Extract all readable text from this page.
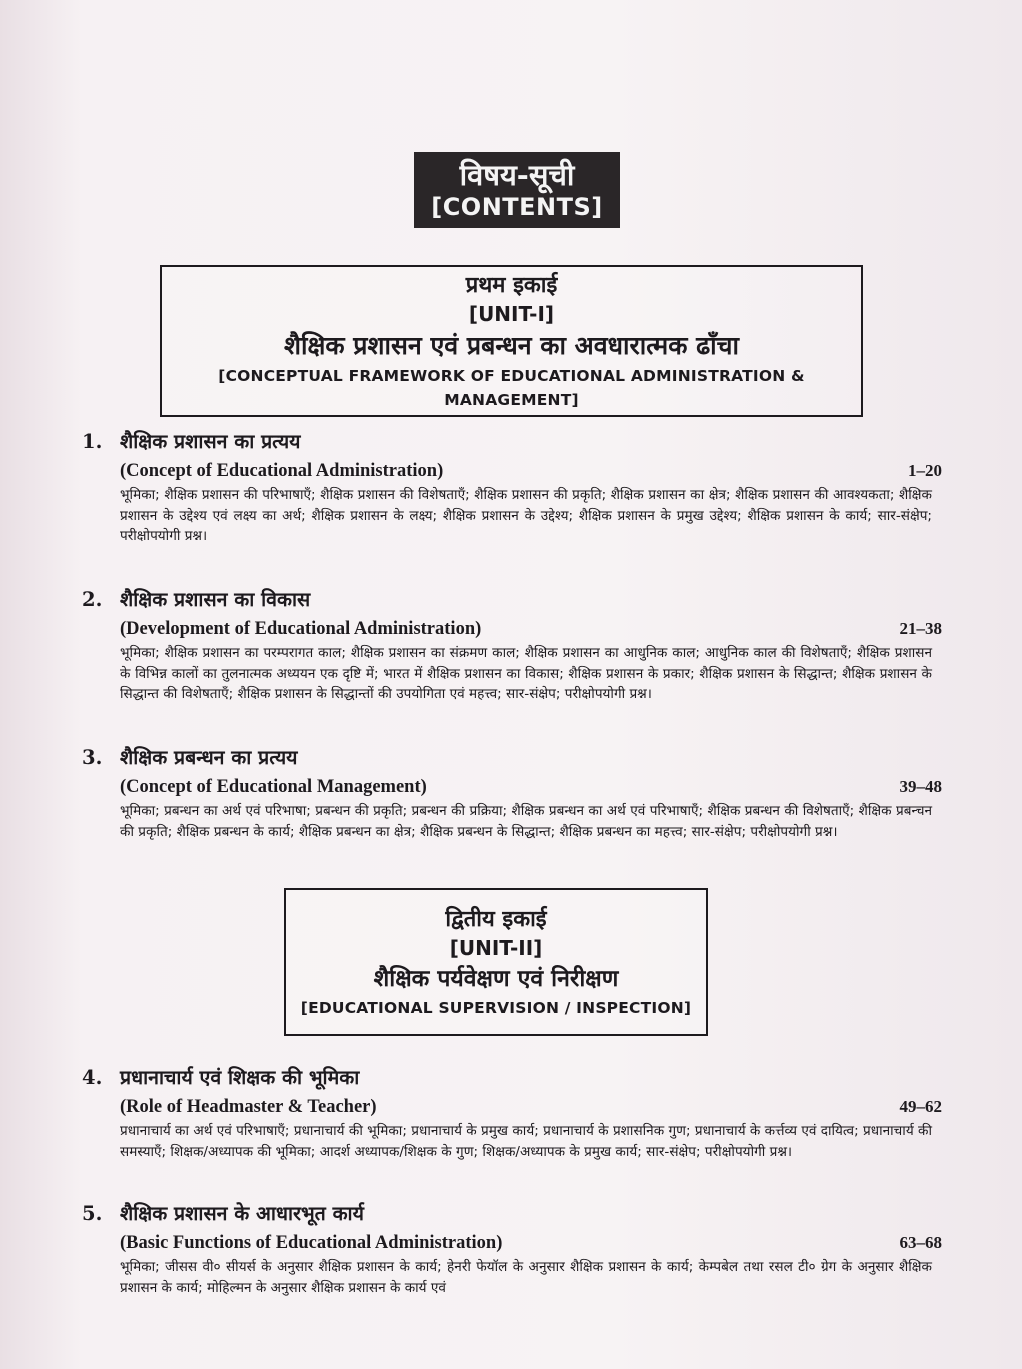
विषय-सूची
[CONTENTS]
प्रथम इकाई
[UNIT-I]
शैक्षिक प्रशासन एवं प्रबन्धन का अवधारात्मक ढाँचा
[CONCEPTUAL FRAMEWORK OF EDUCATIONAL ADMINISTRATION & MANAGEMENT]
1. शैक्षिक प्रशासन का प्रत्यय
(Concept of Educational Administration)	1–20
भूमिका; शैक्षिक प्रशासन की परिभाषाएँ; शैक्षिक प्रशासन की विशेषताएँ; शैक्षिक प्रशासन की प्रकृति; शैक्षिक प्रशासन का क्षेत्र; शैक्षिक प्रशासन की आवश्यकता; शैक्षिक प्रशासन के उद्देश्य एवं लक्ष्य का अर्थ; शैक्षिक प्रशासन के लक्ष्य; शैक्षिक प्रशासन के उद्देश्य; शैक्षिक प्रशासन के प्रमुख उद्देश्य; शैक्षिक प्रशासन के कार्य; सार-संक्षेप; परीक्षोपयोगी प्रश्न।
2. शैक्षिक प्रशासन का विकास
(Development of Educational Administration)	21–38
भूमिका; शैक्षिक प्रशासन का परम्परागत काल; शैक्षिक प्रशासन का संक्रमण काल; शैक्षिक प्रशासन का आधुनिक काल; आधुनिक काल की विशेषताएँ; शैक्षिक प्रशासन के विभिन्न कालों का तुलनात्मक अध्ययन एक दृष्टि में; भारत में शैक्षिक प्रशासन का विकास; शैक्षिक प्रशासन के प्रकार; शैक्षिक प्रशासन के सिद्धान्त; शैक्षिक प्रशासन के सिद्धान्त की विशेषताएँ; शैक्षिक प्रशासन के सिद्धान्तों की उपयोगिता एवं महत्त्व; सार-संक्षेप; परीक्षोपयोगी प्रश्न।
3. शैक्षिक प्रबन्धन का प्रत्यय
(Concept of Educational Management)	39–48
भूमिका; प्रबन्धन का अर्थ एवं परिभाषा; प्रबन्धन की प्रकृति; प्रबन्धन की प्रक्रिया; शैक्षिक प्रबन्धन का अर्थ एवं परिभाषाएँ; शैक्षिक प्रबन्धन की विशेषताएँ; शैक्षिक प्रबन्चन की प्रकृति; शैक्षिक प्रबन्धन के कार्य; शैक्षिक प्रबन्धन का क्षेत्र; शैक्षिक प्रबन्धन के सिद्धान्त; शैक्षिक प्रबन्धन का महत्त्व; सार-संक्षेप; परीक्षोपयोगी प्रश्न।
द्वितीय इकाई
[UNIT-II]
शैक्षिक पर्यवेक्षण एवं निरीक्षण
[EDUCATIONAL SUPERVISION / INSPECTION]
4. प्रधानाचार्य एवं शिक्षक की भूमिका
(Role of Headmaster & Teacher)	49–62
प्रधानाचार्य का अर्थ एवं परिभाषाएँ; प्रधानाचार्य की भूमिका; प्रधानाचार्य के प्रमुख कार्य; प्रधानाचार्य के प्रशासनिक गुण; प्रधानाचार्य के कर्त्तव्य एवं दायित्व; प्रधानाचार्य की समस्याएँ; शिक्षक/अध्यापक की भूमिका; आदर्श अध्यापक/शिक्षक के गुण; शिक्षक/अध्यापक के प्रमुख कार्य; सार-संक्षेप; परीक्षोपयोगी प्रश्न।
5. शैक्षिक प्रशासन के आधारभूत कार्य
(Basic Functions of Educational Administration)	63–68
भूमिका; जीसस वी० सीयर्स के अनुसार शैक्षिक प्रशासन के कार्य; हेनरी फेयॉल के अनुसार शैक्षिक प्रशासन के कार्य; केम्पबेल तथा रसल टी० ग्रेग के अनुसार शैक्षिक प्रशासन के कार्य; मोहिल्मन के अनुसार शैक्षिक प्रशासन के कार्य एवं
